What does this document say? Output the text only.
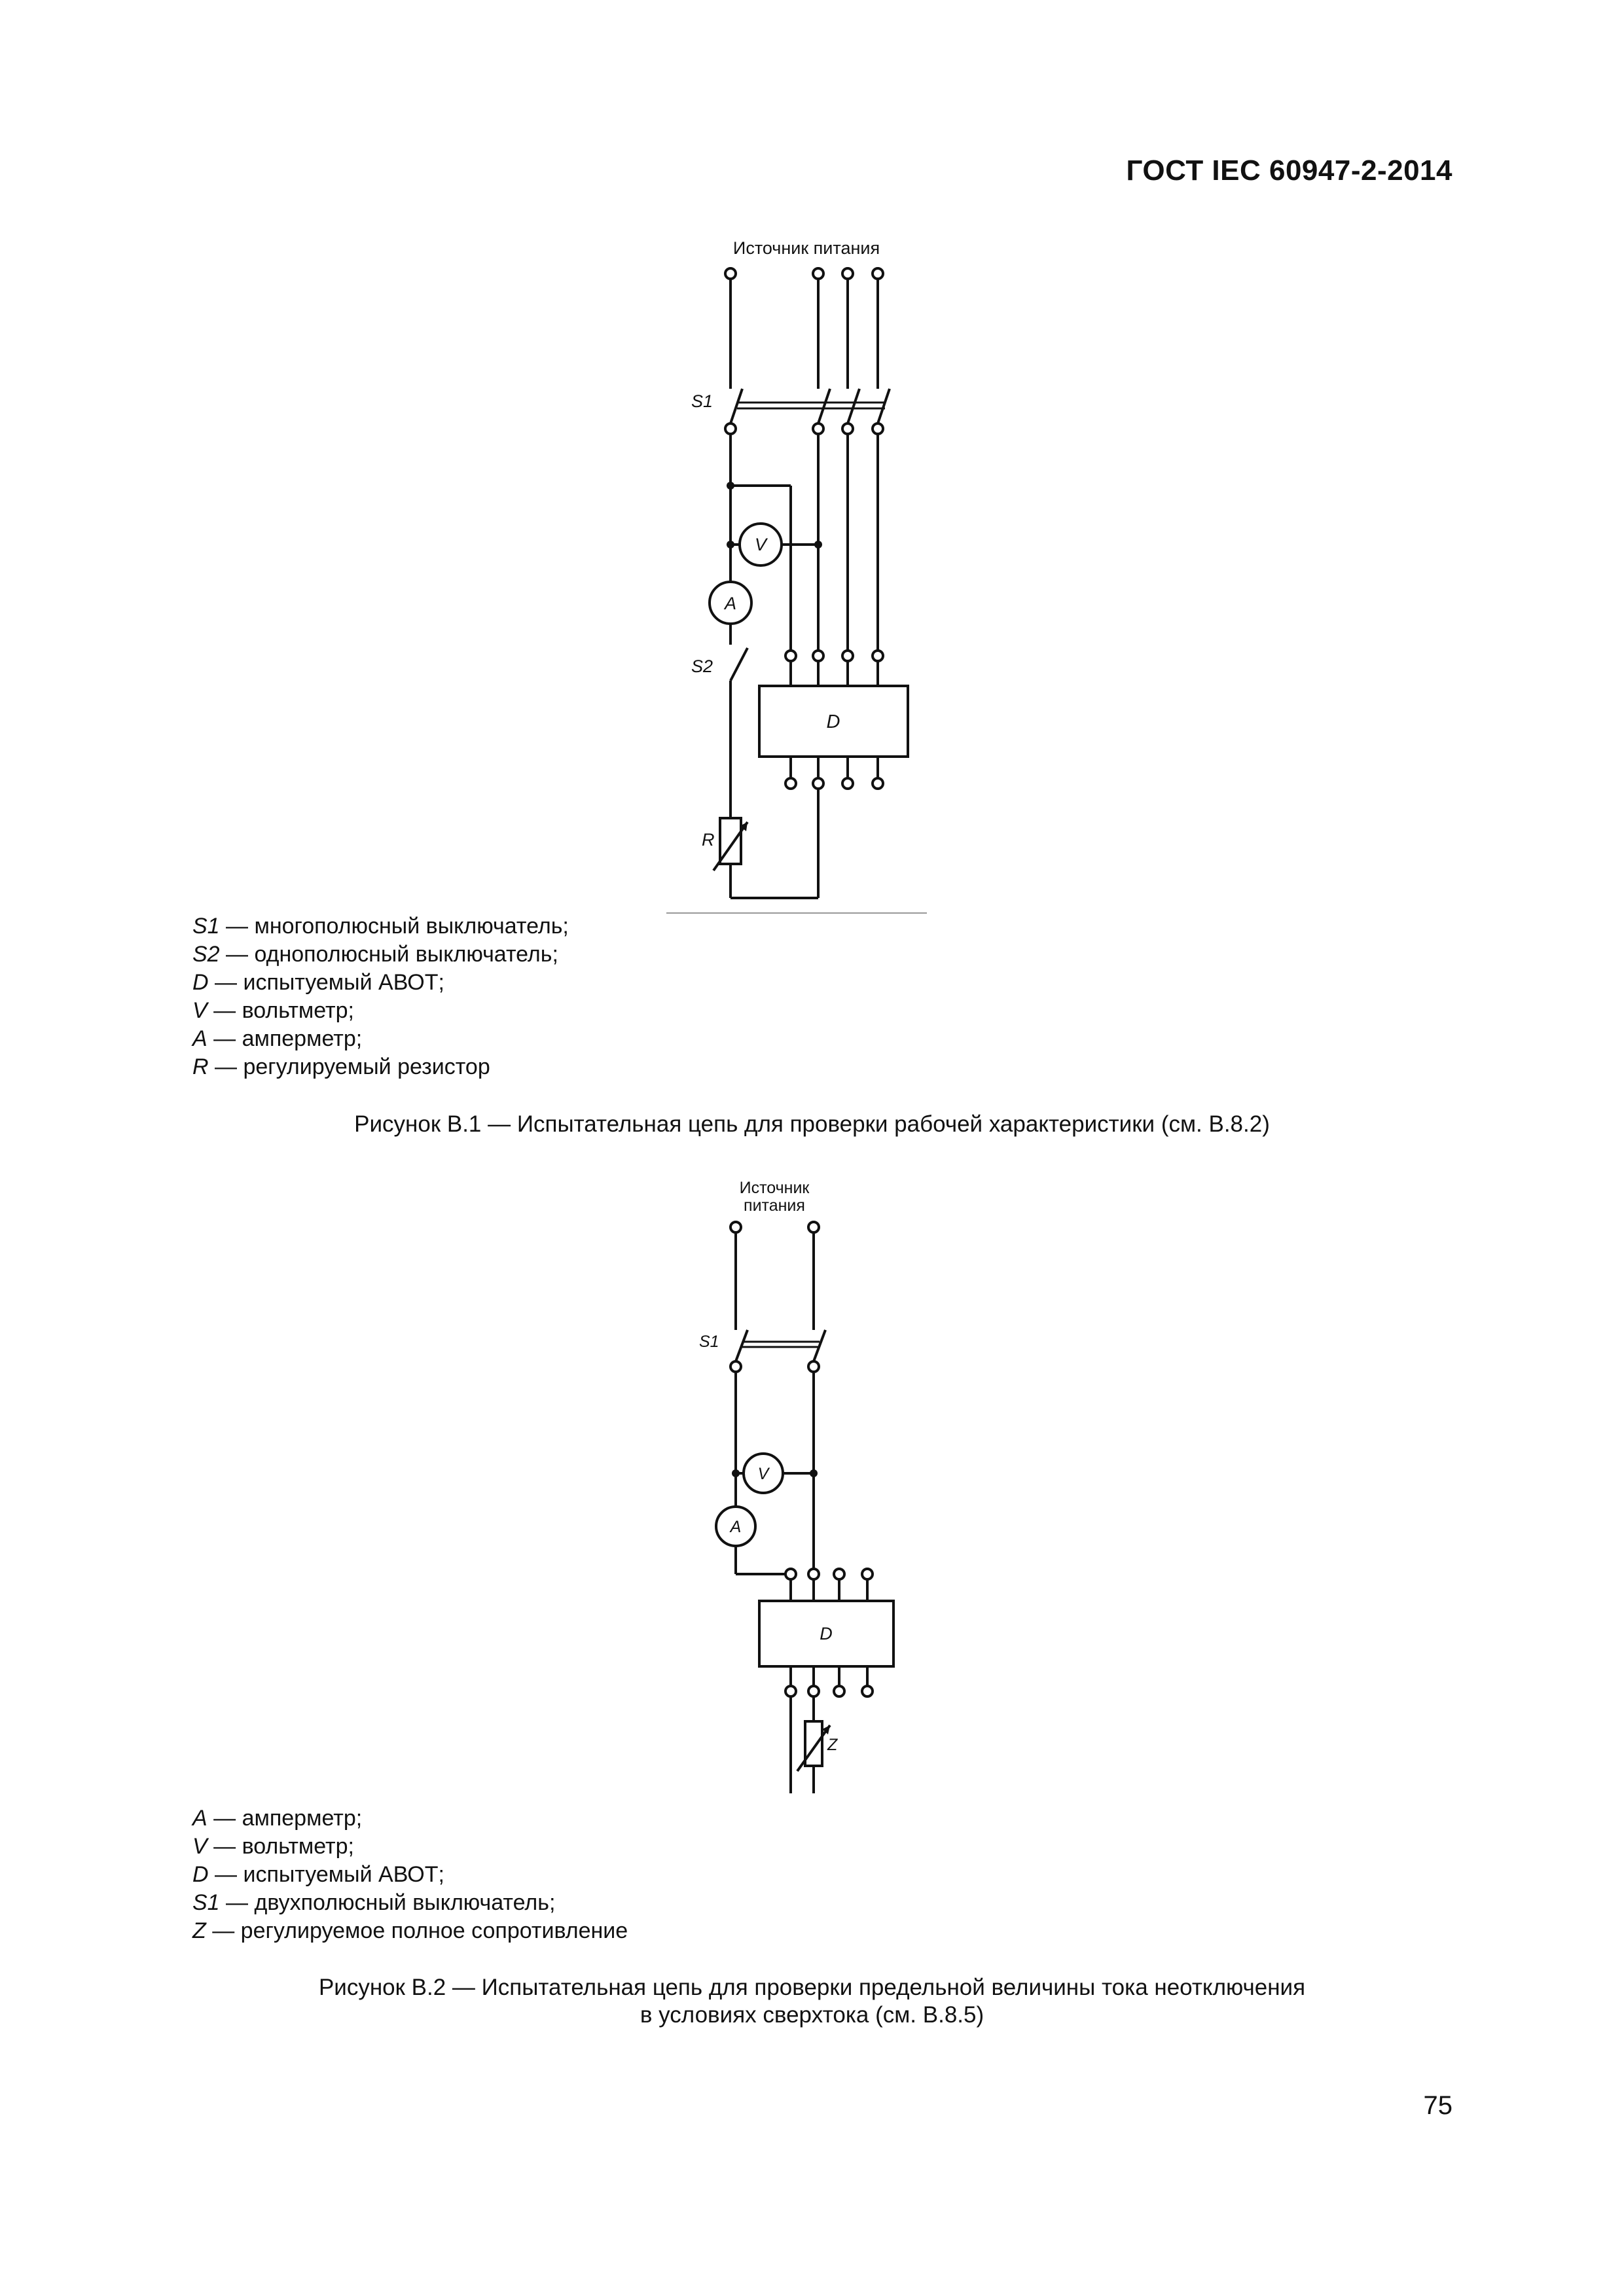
ГОСТ IEC 60947-2-2014
Источник питания
S1
V
A
S2
D
R
S1 — многополюсный выключатель;
S2 — однополюсный выключатель;
D — испытуемый АВОТ;
V — вольтметр;
A — амперметр;
R — регулируемый резистор
Рисунок В.1 — Испытательная цепь для проверки рабочей характеристики (см. В.8.2)
Источник
питания
S1
V
A
D
Z
A — амперметр;
V — вольтметр;
D — испытуемый АВОТ;
S1 — двухполюсный выключатель;
Z — регулируемое полное сопротивление
Рисунок В.2 — Испытательная цепь для проверки предельной величины тока неотключения
в условиях сверхтока (см. В.8.5)
75
